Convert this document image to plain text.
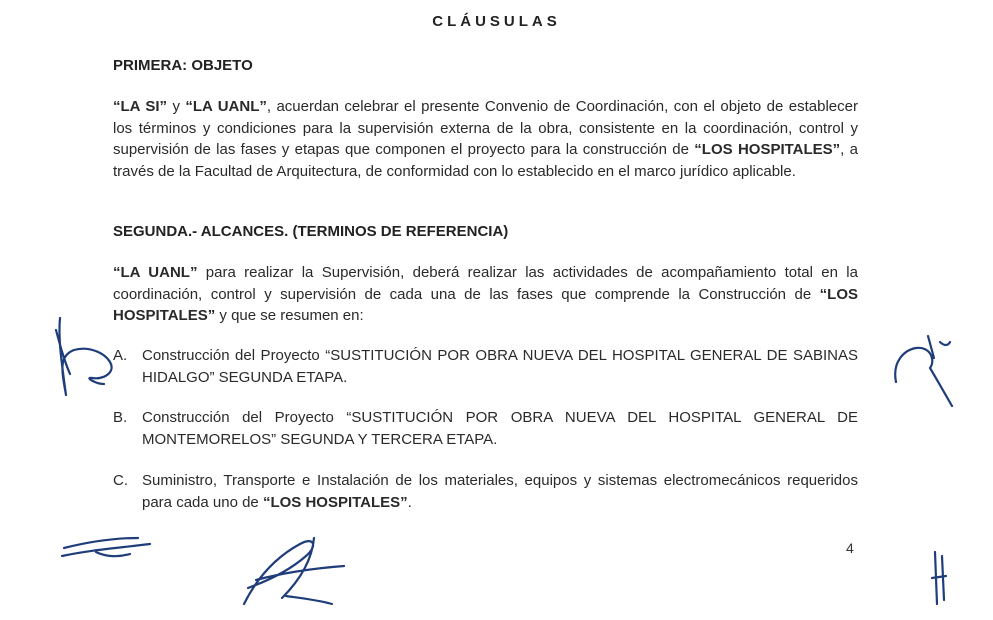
CLÁUSULAS
PRIMERA: OBJETO
“LA SI” y “LA UANL”, acuerdan celebrar el presente Convenio de Coordinación, con el objeto de establecer los términos y condiciones para la supervisión externa de la obra, consistente en la coordinación, control y supervisión de las fases y etapas que componen el proyecto para la construcción de “LOS HOSPITALES”, a través de la Facultad de Arquitectura, de conformidad con lo establecido en el marco jurídico aplicable.
SEGUNDA.- ALCANCES. (TERMINOS DE REFERENCIA)
“LA UANL” para realizar la Supervisión, deberá realizar las actividades de acompañamiento total en la coordinación, control y supervisión de cada una de las fases que comprende la Construcción de “LOS HOSPITALES” y que se resumen en:
A. Construcción del Proyecto “SUSTITUCIÓN POR OBRA NUEVA DEL HOSPITAL GENERAL DE SABINAS HIDALGO” SEGUNDA ETAPA.
B. Construcción del Proyecto “SUSTITUCIÓN POR OBRA NUEVA DEL HOSPITAL GENERAL DE MONTEMORELOS” SEGUNDA Y TERCERA ETAPA.
C. Suministro, Transporte e Instalación de los materiales, equipos y sistemas electromecánicos requeridos para cada uno de “LOS HOSPITALES”.
4
